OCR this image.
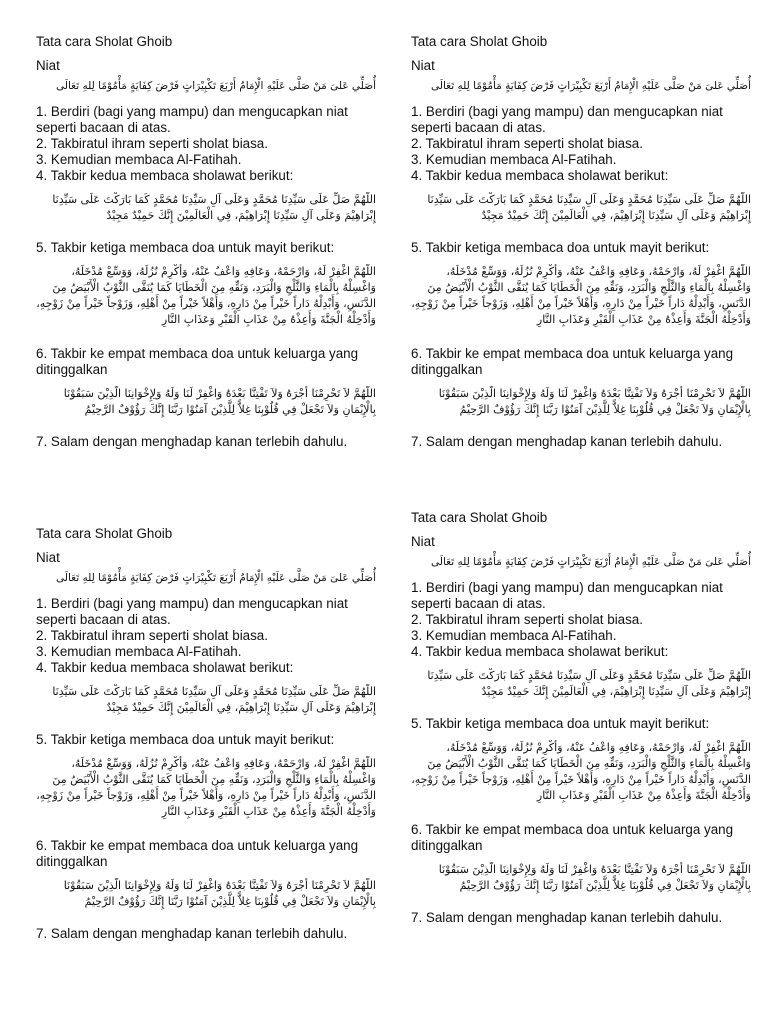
Tata cara Sholat Ghoib

Niat

أُصَلِّي عَلىَ مَنْ صَلَّى عَلَيْهِ الْإِمَامُ أَرْبَعَ تَكْبِيْرَاتٍ فَرْضَ كِفَايَةٍ مَأْمُوْمًا لِلهِ تَعَالَى

1. Berdiri (bagi yang mampu) dan mengucapkan niat seperti bacaan di atas.

2. Takbiratul ihram seperti sholat biasa.

3. Kemudian membaca Al-Fatihah.

4. Takbir kedua membaca sholawat berikut:

اللَّهُمَّ صَلِّ عَلَى سَيِّدِنَا مُحَمَّدٍ وَعَلَى آلِ سَيِّدِنَا مُحَمَّدٍ كَمَا بَارَكْتَ عَلَى سَيِّدِنَا إِبْرَاهِيْمَ وَعَلَى آلِ سَيِّدِنَا إِبْرَاهِيْمَ، فِي الْعَالَمِيْنَ إِنَّكَ حَمِيْدٌ مَجِيْدٌ

5. Takbir ketiga membaca doa untuk mayit berikut:

اللَّهُمَّ اغْفِرْ لَهُ، وَارْحَمْهُ، وَعَافِهِ وَاعْفُ عَنْهُ، وَأَكْرِمْ نُزُلَهُ، وَوَسِّعْ مُدْخَلَهُ، وَاغْسِلْهُ بِالْمَاءِ وَالثَّلْجِ وَالْبَرَدِ، وَنَقِّهِ مِنَ الْخَطَايَا كَمَا يُنَقَّى الثَّوْبُ الْأَبْيَضُ مِنَ الدَّنَسِ، وَأَبْدِلْهُ دَاراً خَيْراً مِنْ دَارِهِ، وَأَهْلاً خَيْراً مِنْ أَهْلِهِ، وَزَوْجاً خَيْراً مِنْ زَوْجِهِ، وَأَدْخِلْهُ الْجَنَّةَ وَأَعِذْهُ مِنْ عَذَابِ الْقَبْرِ وَعَذَابِ النَّارِ

6. Takbir ke empat membaca doa untuk keluarga yang ditinggalkan

اللَّهُمَّ لاَ تَحْرِمْنَا أَجْرَهُ وَلاَ تَفْتِنَّا بَعْدَهُ وَاغْفِرْ لَنَا وَلَهُ وَلِإِخْوَانِنَا الَّذِيْنَ سَبَقُوْنَا بِالْإِيْمَانِ وَلاَ تَجْعَلْ فِي قُلُوْبِنَا غِلاًّ لِلَّذِيْنَ آمَنُوْا رَبَّنَا إِنَّكَ رَؤُوْفٌ الرَّحِيْمُ

7. Salam dengan menghadap kanan terlebih dahulu.

Tata cara Sholat Ghoib

Niat

أُصَلِّي عَلىَ مَنْ صَلَّى عَلَيْهِ الْإِمَامُ أَرْبَعَ تَكْبِيْرَاتٍ فَرْضَ كِفَايَةٍ مَأْمُوْمًا لِلهِ تَعَالَى

1. Berdiri (bagi yang mampu) dan mengucapkan niat seperti bacaan di atas.

2. Takbiratul ihram seperti sholat biasa.

3. Kemudian membaca Al-Fatihah.

4. Takbir kedua membaca sholawat berikut:

اللَّهُمَّ صَلِّ عَلَى سَيِّدِنَا مُحَمَّدٍ وَعَلَى آلِ سَيِّدِنَا مُحَمَّدٍ كَمَا بَارَكْتَ عَلَى سَيِّدِنَا إِبْرَاهِيْمَ وَعَلَى آلِ سَيِّدِنَا إِبْرَاهِيْمَ، فِي الْعَالَمِيْنَ إِنَّكَ حَمِيْدٌ مَجِيْدٌ

5. Takbir ketiga membaca doa untuk mayit berikut:

اللَّهُمَّ اغْفِرْ لَهُ، وَارْحَمْهُ، وَعَافِهِ وَاعْفُ عَنْهُ، وَأَكْرِمْ نُزُلَهُ، وَوَسِّعْ مُدْخَلَهُ، وَاغْسِلْهُ بِالْمَاءِ وَالثَّلْجِ وَالْبَرَدِ، وَنَقِّهِ مِنَ الْخَطَايَا كَمَا يُنَقَّى الثَّوْبُ الْأَبْيَضُ مِنَ الدَّنَسِ، وَأَبْدِلْهُ دَاراً خَيْراً مِنْ دَارِهِ، وَأَهْلاً خَيْراً مِنْ أَهْلِهِ، وَزَوْجاً خَيْراً مِنْ زَوْجِهِ، وَأَدْخِلْهُ الْجَنَّةَ وَأَعِذْهُ مِنْ عَذَابِ الْقَبْرِ وَعَذَابِ النَّارِ

6. Takbir ke empat membaca doa untuk keluarga yang ditinggalkan

اللَّهُمَّ لاَ تَحْرِمْنَا أَجْرَهُ وَلاَ تَفْتِنَّا بَعْدَهُ وَاغْفِرْ لَنَا وَلَهُ وَلِإِخْوَانِنَا الَّذِيْنَ سَبَقُوْنَا بِالْإِيْمَانِ وَلاَ تَجْعَلْ فِي قُلُوْبِنَا غِلاًّ لِلَّذِيْنَ آمَنُوْا رَبَّنَا إِنَّكَ رَؤُوْفٌ الرَّحِيْمُ

7. Salam dengan menghadap kanan terlebih dahulu.

Tata cara Sholat Ghoib

Niat

أُصَلِّي عَلىَ مَنْ صَلَّى عَلَيْهِ الْإِمَامُ أَرْبَعَ تَكْبِيْرَاتٍ فَرْضَ كِفَايَةٍ مَأْمُوْمًا لِلهِ تَعَالَى

1. Berdiri (bagi yang mampu) dan mengucapkan niat seperti bacaan di atas.

2. Takbiratul ihram seperti sholat biasa.

3. Kemudian membaca Al-Fatihah.

4. Takbir kedua membaca sholawat berikut:

اللَّهُمَّ صَلِّ عَلَى سَيِّدِنَا مُحَمَّدٍ وَعَلَى آلِ سَيِّدِنَا مُحَمَّدٍ كَمَا بَارَكْتَ عَلَى سَيِّدِنَا إِبْرَاهِيْمَ وَعَلَى آلِ سَيِّدِنَا إِبْرَاهِيْمَ، فِي الْعَالَمِيْنَ إِنَّكَ حَمِيْدٌ مَجِيْدٌ

5. Takbir ketiga membaca doa untuk mayit berikut:

اللَّهُمَّ اغْفِرْ لَهُ، وَارْحَمْهُ، وَعَافِهِ وَاعْفُ عَنْهُ، وَأَكْرِمْ نُزُلَهُ، وَوَسِّعْ مُدْخَلَهُ، وَاغْسِلْهُ بِالْمَاءِ وَالثَّلْجِ وَالْبَرَدِ، وَنَقِّهِ مِنَ الْخَطَايَا كَمَا يُنَقَّى الثَّوْبُ الْأَبْيَضُ مِنَ الدَّنَسِ، وَأَبْدِلْهُ دَاراً خَيْراً مِنْ دَارِهِ، وَأَهْلاً خَيْراً مِنْ أَهْلِهِ، وَزَوْجاً خَيْراً مِنْ زَوْجِهِ، وَأَدْخِلْهُ الْجَنَّةَ وَأَعِذْهُ مِنْ عَذَابِ الْقَبْرِ وَعَذَابِ النَّارِ

6. Takbir ke empat membaca doa untuk keluarga yang ditinggalkan

اللَّهُمَّ لاَ تَحْرِمْنَا أَجْرَهُ وَلاَ تَفْتِنَّا بَعْدَهُ وَاغْفِرْ لَنَا وَلَهُ وَلِإِخْوَانِنَا الَّذِيْنَ سَبَقُوْنَا بِالْإِيْمَانِ وَلاَ تَجْعَلْ فِي قُلُوْبِنَا غِلاًّ لِلَّذِيْنَ آمَنُوْا رَبَّنَا إِنَّكَ رَؤُوْفٌ الرَّحِيْمُ

7. Salam dengan menghadap kanan terlebih dahulu.

Tata cara Sholat Ghoib

Niat

أُصَلِّي عَلىَ مَنْ صَلَّى عَلَيْهِ الْإِمَامُ أَرْبَعَ تَكْبِيْرَاتٍ فَرْضَ كِفَايَةٍ مَأْمُوْمًا لِلهِ تَعَالَى

1. Berdiri (bagi yang mampu) dan mengucapkan niat seperti bacaan di atas.

2. Takbiratul ihram seperti sholat biasa.

3. Kemudian membaca Al-Fatihah.

4. Takbir kedua membaca sholawat berikut:

اللَّهُمَّ صَلِّ عَلَى سَيِّدِنَا مُحَمَّدٍ وَعَلَى آلِ سَيِّدِنَا مُحَمَّدٍ كَمَا بَارَكْتَ عَلَى سَيِّدِنَا إِبْرَاهِيْمَ وَعَلَى آلِ سَيِّدِنَا إِبْرَاهِيْمَ، فِي الْعَالَمِيْنَ إِنَّكَ حَمِيْدٌ مَجِيْدٌ

5. Takbir ketiga membaca doa untuk mayit berikut:

اللَّهُمَّ اغْفِرْ لَهُ، وَارْحَمْهُ، وَعَافِهِ وَاعْفُ عَنْهُ، وَأَكْرِمْ نُزُلَهُ، وَوَسِّعْ مُدْخَلَهُ، وَاغْسِلْهُ بِالْمَاءِ وَالثَّلْجِ وَالْبَرَدِ، وَنَقِّهِ مِنَ الْخَطَايَا كَمَا يُنَقَّى الثَّوْبُ الْأَبْيَضُ مِنَ الدَّنَسِ، وَأَبْدِلْهُ دَاراً خَيْراً مِنْ دَارِهِ، وَأَهْلاً خَيْراً مِنْ أَهْلِهِ، وَزَوْجاً خَيْراً مِنْ زَوْجِهِ، وَأَدْخِلْهُ الْجَنَّةَ وَأَعِذْهُ مِنْ عَذَابِ الْقَبْرِ وَعَذَابِ النَّارِ

6. Takbir ke empat membaca doa untuk keluarga yang ditinggalkan

اللَّهُمَّ لاَ تَحْرِمْنَا أَجْرَهُ وَلاَ تَفْتِنَّا بَعْدَهُ وَاغْفِرْ لَنَا وَلَهُ وَلِإِخْوَانِنَا الَّذِيْنَ سَبَقُوْنَا بِالْإِيْمَانِ وَلاَ تَجْعَلْ فِي قُلُوْبِنَا غِلاًّ لِلَّذِيْنَ آمَنُوْا رَبَّنَا إِنَّكَ رَؤُوْفٌ الرَّحِيْمُ

7. Salam dengan menghadap kanan terlebih dahulu.
